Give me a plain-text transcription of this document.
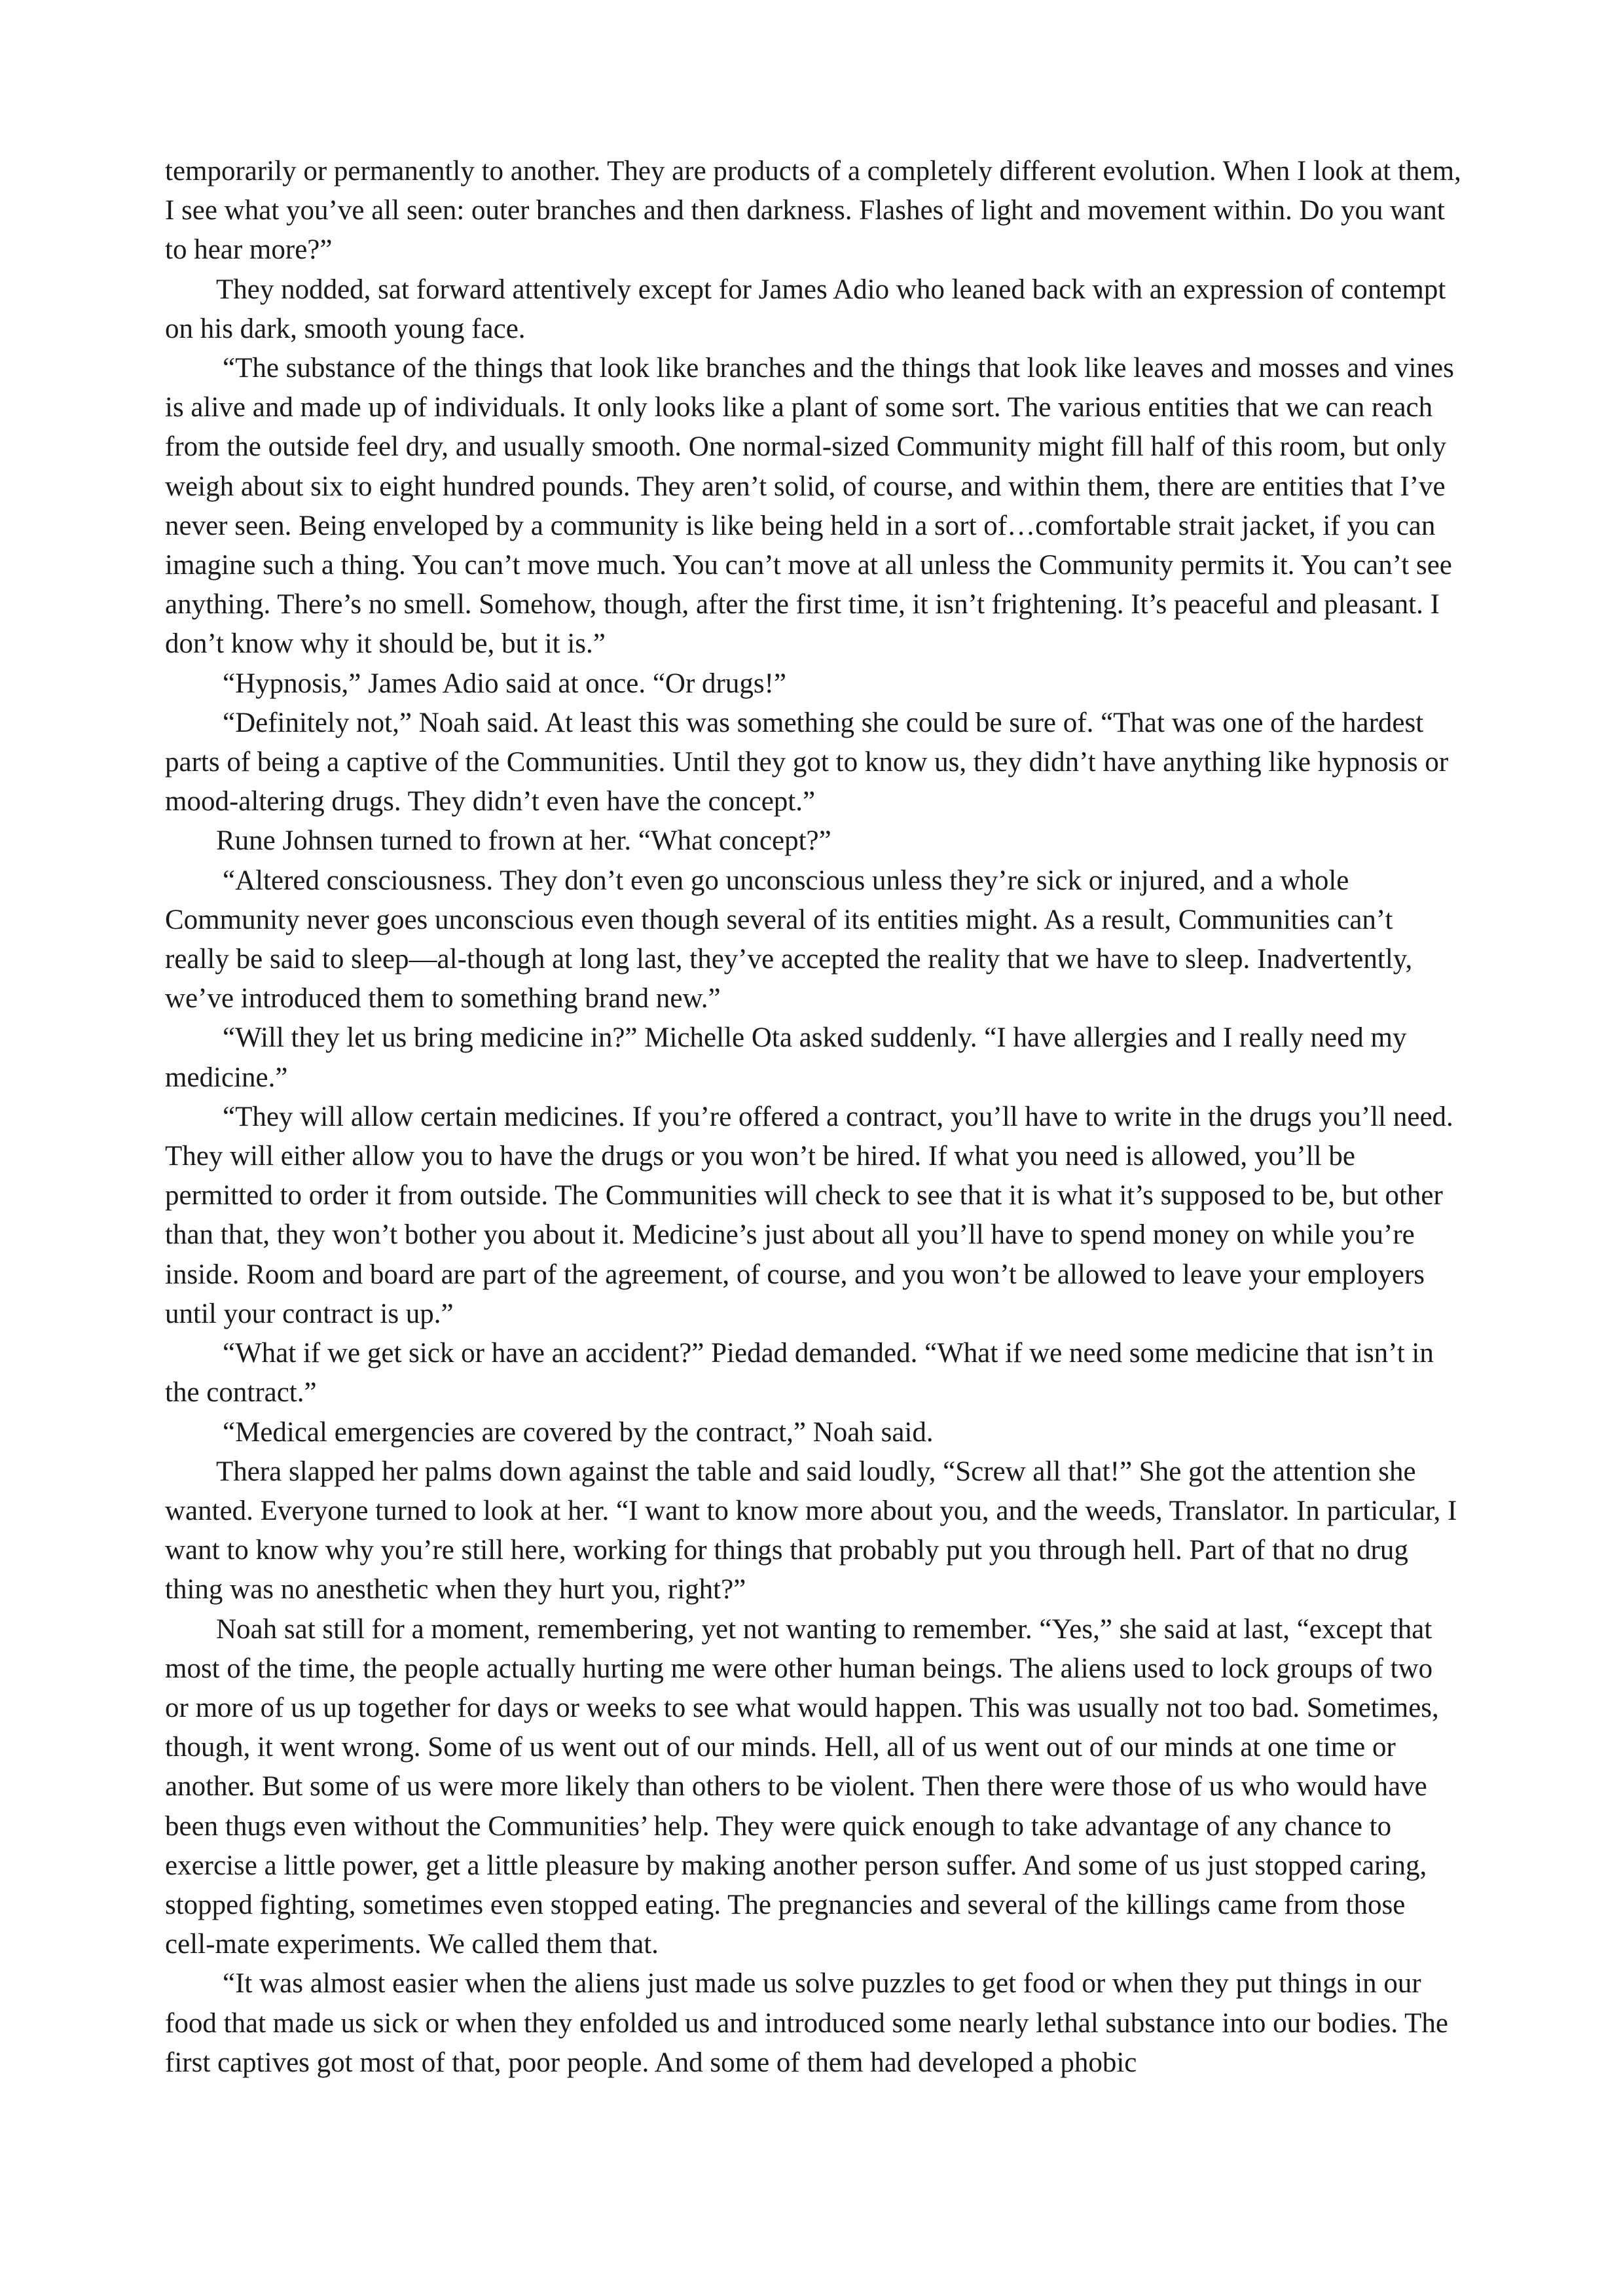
temporarily or permanently to another. They are products of a completely different evolution. When I look at them, I see what you’ve all seen: outer branches and then darkness. Flashes of light and movement within. Do you want to hear more?”

They nodded, sat forward attentively except for James Adio who leaned back with an expression of contempt on his dark, smooth young face.

“The substance of the things that look like branches and the things that look like leaves and mosses and vines is alive and made up of individuals. It only looks like a plant of some sort. The various entities that we can reach from the outside feel dry, and usually smooth. One normal-sized Community might fill half of this room, but only weigh about six to eight hundred pounds. They aren’t solid, of course, and within them, there are entities that I’ve never seen. Being enveloped by a community is like being held in a sort of…comfortable strait jacket, if you can imagine such a thing. You can’t move much. You can’t move at all unless the Community permits it. You can’t see anything. There’s no smell. Somehow, though, after the first time, it isn’t frightening. It’s peaceful and pleasant. I don’t know why it should be, but it is.”

“Hypnosis,” James Adio said at once. “Or drugs!”

“Definitely not,” Noah said. At least this was something she could be sure of. “That was one of the hardest parts of being a captive of the Communities. Until they got to know us, they didn’t have anything like hypnosis or mood-altering drugs. They didn’t even have the concept.”

Rune Johnsen turned to frown at her. “What concept?”

“Altered consciousness. They don’t even go unconscious unless they’re sick or injured, and a whole Community never goes unconscious even though several of its entities might. As a result, Communities can’t really be said to sleep—al-though at long last, they’ve accepted the reality that we have to sleep. Inadvertently, we’ve introduced them to something brand new.”

“Will they let us bring medicine in?” Michelle Ota asked suddenly. “I have allergies and I really need my medicine.”

“They will allow certain medicines. If you’re offered a contract, you’ll have to write in the drugs you’ll need. They will either allow you to have the drugs or you won’t be hired. If what you need is allowed, you’ll be permitted to order it from outside. The Communities will check to see that it is what it’s supposed to be, but other than that, they won’t bother you about it. Medicine’s just about all you’ll have to spend money on while you’re inside. Room and board are part of the agreement, of course, and you won’t be allowed to leave your employers until your contract is up.”

“What if we get sick or have an accident?” Piedad demanded. “What if we need some medicine that isn’t in the contract.”

“Medical emergencies are covered by the contract,” Noah said.

Thera slapped her palms down against the table and said loudly, “Screw all that!” She got the attention she wanted. Everyone turned to look at her. “I want to know more about you, and the weeds, Translator. In particular, I want to know why you’re still here, working for things that probably put you through hell. Part of that no drug thing was no anesthetic when they hurt you, right?”

Noah sat still for a moment, remembering, yet not wanting to remember. “Yes,” she said at last, “except that most of the time, the people actually hurting me were other human beings. The aliens used to lock groups of two or more of us up together for days or weeks to see what would happen. This was usually not too bad. Sometimes, though, it went wrong. Some of us went out of our minds. Hell, all of us went out of our minds at one time or another. But some of us were more likely than others to be violent. Then there were those of us who would have been thugs even without the Communities’ help. They were quick enough to take advantage of any chance to exercise a little power, get a little pleasure by making another person suffer. And some of us just stopped caring, stopped fighting, sometimes even stopped eating. The pregnancies and several of the killings came from those cell-mate experiments. We called them that.

“It was almost easier when the aliens just made us solve puzzles to get food or when they put things in our food that made us sick or when they enfolded us and introduced some nearly lethal substance into our bodies. The first captives got most of that, poor people. And some of them had developed a phobic
